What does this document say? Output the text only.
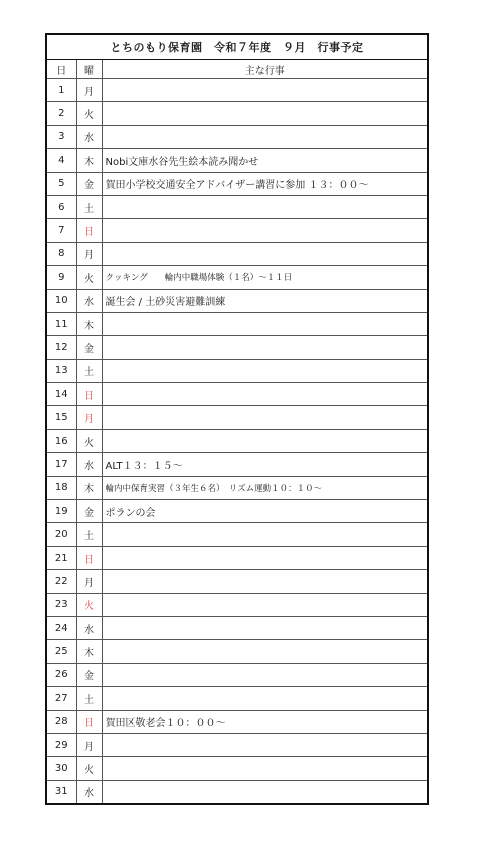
とちのもり保育園　令和７年度　９月　行事予定
日	曜	主な行事
1	月	
2	火	
3	水	
4	木	Nobi文庫水谷先生絵本読み聞かせ
5	金	賀田小学校交通安全アドバイザー講習に参加 １３：００～
6	土	
7	日	
8	月	
9	火	クッキング　　輪内中職場体験（１名）～１１日
10	水	誕生会 / 土砂災害避難訓練
11	木	
12	金	
13	土	
14	日	
15	月	
16	火	
17	水	ALT１３：１５～
18	木	輪内中保育実習（３年生６名）　リズム運動１０：１０～
19	金	ポランの会
20	土	
21	日	
22	月	
23	火	
24	水	
25	木	
26	金	
27	土	
28	日	賀田区敬老会１０：００～
29	月	
30	火	
31	水	
